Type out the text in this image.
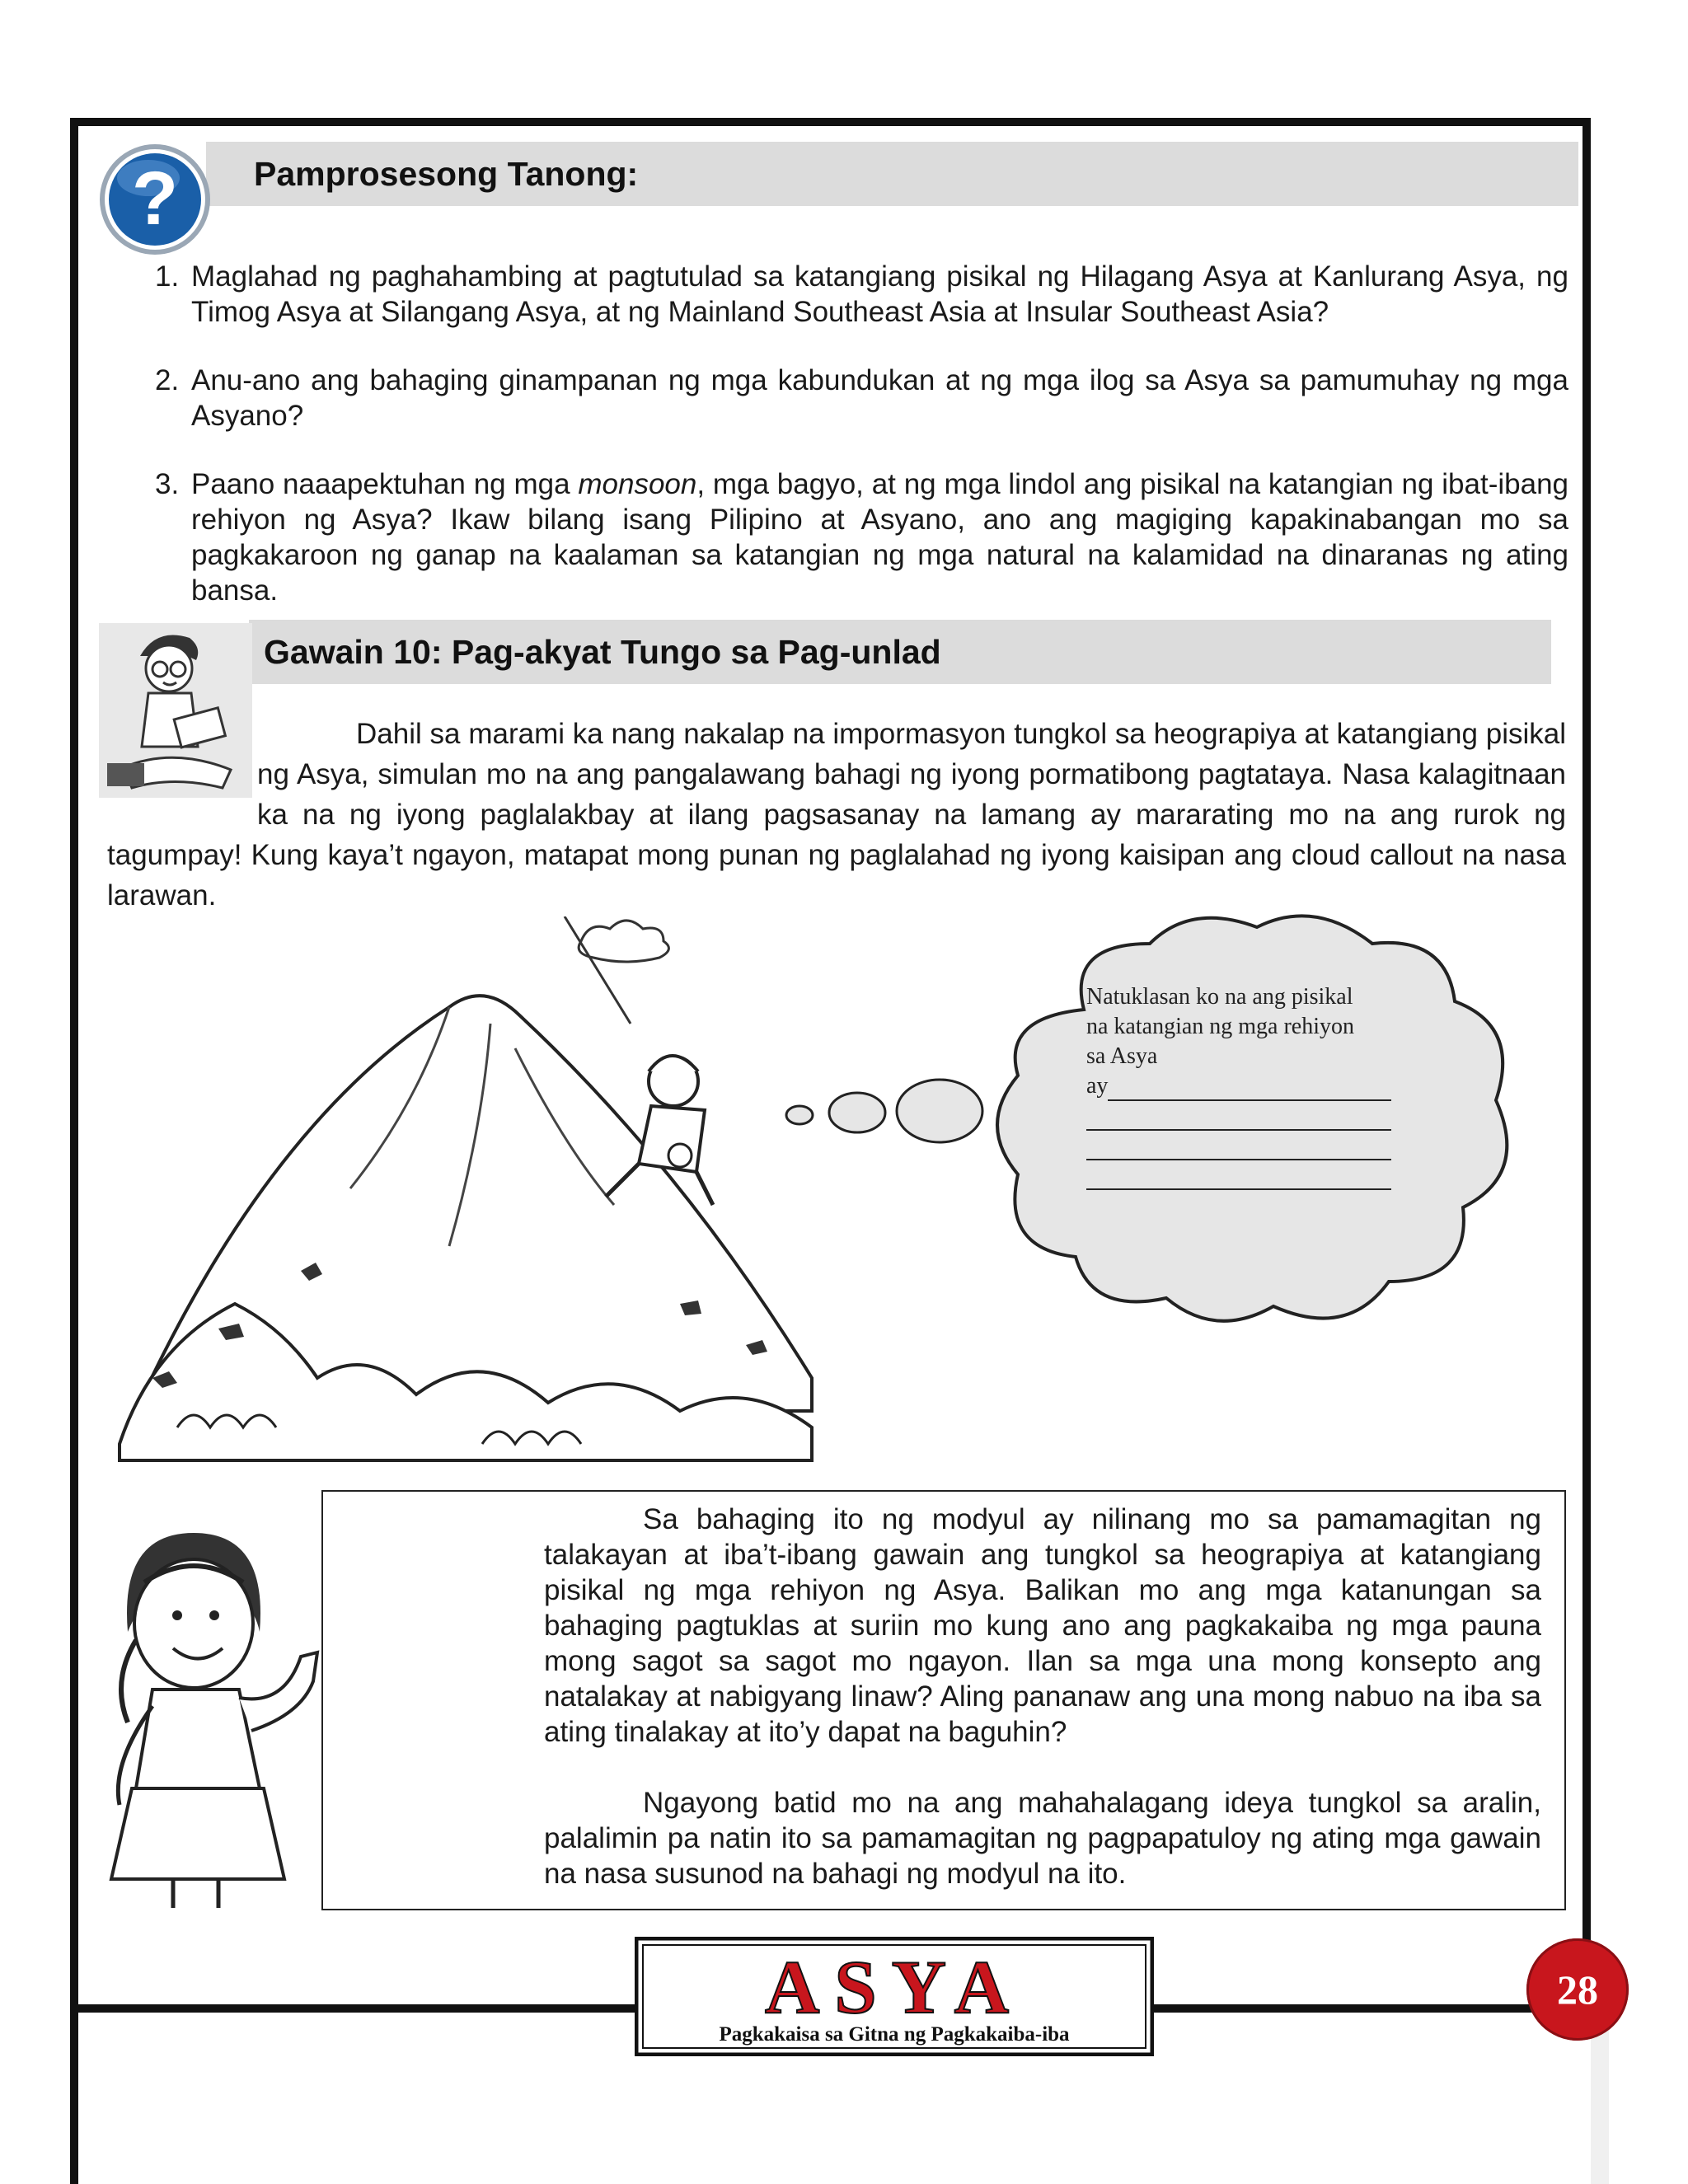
Pamprosesong Tanong:
?
1. Maglahad ng paghahambing at pagtutulad sa katangiang pisikal ng Hilagang Asya at Kanlurang Asya, ng Timog Asya at Silangang Asya, at ng Mainland Southeast Asia at Insular Southeast Asia?
2. Anu-ano ang bahaging ginampanan ng mga kabundukan at ng mga ilog sa Asya sa pamumuhay ng mga Asyano?
3. Paano naaapektuhan ng mga monsoon, mga bagyo, at ng mga lindol ang pisikal na katangian ng ibat-ibang rehiyon ng Asya? Ikaw bilang isang Pilipino at Asyano, ano ang magiging kapakinabangan mo sa pagkakaroon ng ganap na kaalaman sa katangian ng mga natural na kalamidad na dinaranas ng ating bansa.
Gawain 10: Pag-akyat Tungo sa Pag-unlad
Dahil sa marami ka nang nakalap na impormasyon tungkol sa heograpiya at katangiang pisikal ng Asya, simulan mo na ang pangalawang bahagi ng iyong pormatibong pagtataya. Nasa kalagitnaan ka na ng iyong paglalakbay at ilang pagsasanay na lamang ay mararating mo na ang rurok ng tagumpay! Kung kaya’t ngayon, matapat mong punan ng paglalahad ng iyong kaisipan ang cloud callout na nasa larawan.
Natuklasan ko na ang pisikal
na katangian ng mga rehiyon
sa Asya
ay

Sa bahaging ito ng modyul ay nilinang mo sa pamamagitan ng talakayan at iba’t-ibang gawain ang tungkol sa heograpiya at katangiang pisikal ng mga rehiyon ng Asya. Balikan mo ang mga katanungan sa bahaging pagtuklas at suriin mo kung ano ang pagkakaiba ng mga pauna mong sagot sa sagot mo ngayon. Ilan sa mga una mong konsepto ang natalakay at nabigyang linaw? Aling pananaw ang una mong nabuo na iba sa ating tinalakay at ito’y dapat na baguhin?

Ngayong batid mo na ang mahahalagang ideya tungkol sa aralin, palalimin pa natin ito sa pamamagitan ng pagpapatuloy ng ating mga gawain na nasa susunod na bahagi ng modyul na ito.

ASYA
Pagkakaisa sa Gitna ng Pagkakaiba-iba
28
